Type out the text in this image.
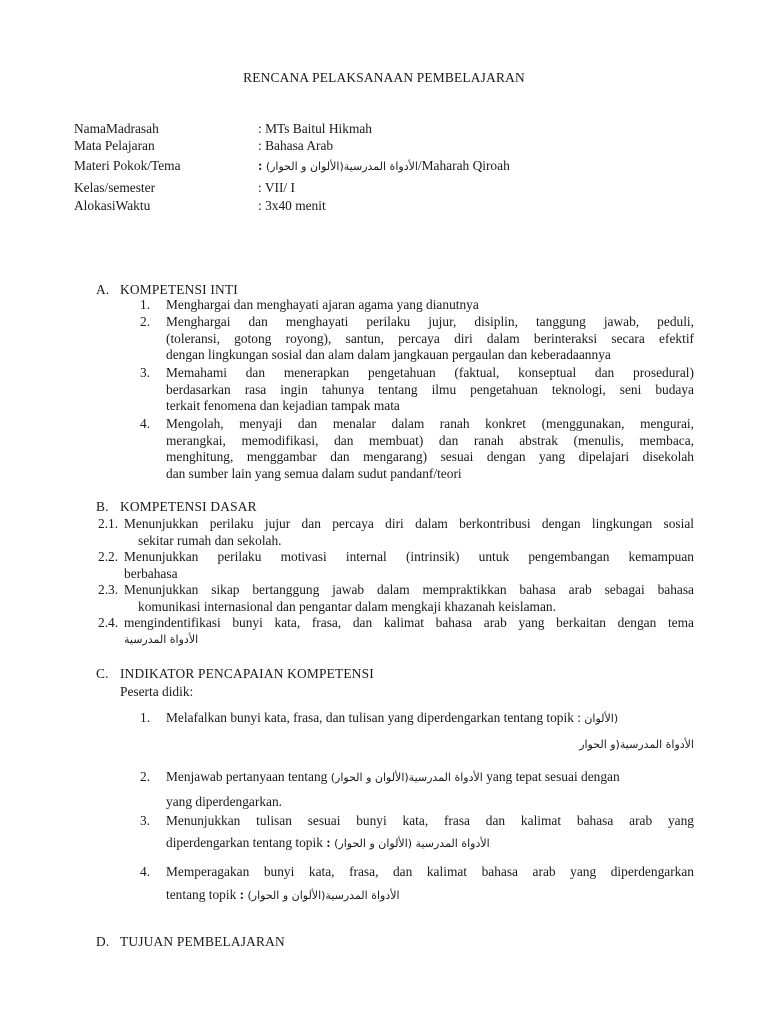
RENCANA PELAKSANAAN PEMBELAJARAN
NamaMadrasah	: MTs Baitul Hikmah
Mata Pelajaran	: Bahasa Arab
Materi Pokok/Tema	: الأدواة المدرسية(الألوان و الحوار)/Maharah Qiroah
Kelas/semester	: VII/ I
AlokasiWaktu	: 3x40 menit
A. KOMPETENSI INTI
1. Menghargai dan menghayati ajaran agama yang dianutnya
2. Menghargai dan menghayati perilaku jujur, disiplin, tanggung jawab, peduli,
(toleransi, gotong royong), santun, percaya diri dalam berinteraksi secara efektif
dengan lingkungan sosial dan alam dalam jangkauan pergaulan dan keberadaannya
3. Memahami dan menerapkan pengetahuan (faktual, konseptual dan prosedural)
berdasarkan rasa ingin tahunya tentang ilmu pengetahuan teknologi, seni budaya
terkait fenomena dan kejadian tampak mata
4. Mengolah, menyaji dan menalar dalam ranah konkret (menggunakan, mengurai,
merangkai, memodifikasi, dan membuat) dan ranah abstrak (menulis, membaca,
menghitung, menggambar dan mengarang) sesuai dengan yang dipelajari disekolah
dan sumber lain yang semua dalam sudut pandanf/teori
B. KOMPETENSI DASAR
2.1. Menunjukkan perilaku jujur dan percaya diri dalam berkontribusi dengan lingkungan sosial
sekitar rumah dan sekolah.
2.2. Menunjukkan perilaku motivasi internal (intrinsik) untuk pengembangan kemampuan
berbahasa
2.3. Menunjukkan sikap bertanggung jawab dalam mempraktikkan bahasa arab sebagai bahasa
komunikasi internasional dan pengantar dalam mengkaji khazanah keislaman.
2.4. mengindentifikasi bunyi kata, frasa, dan kalimat bahasa arab yang berkaitan dengan tema
الأدواة المدرسية
C. INDIKATOR PENCAPAIAN KOMPETENSI
Peserta didik:
1. Melafalkan bunyi kata, frasa, dan tulisan yang diperdengarkan tentang topik : (الألوان
الأدواة المدرسية(و الحوار
2. Menjawab pertanyaan tentang الأدواة المدرسية(الألوان و الحوار) yang tepat sesuai dengan
yang diperdengarkan.
3. Menunjukkan tulisan sesuai bunyi kata, frasa dan kalimat bahasa arab yang
diperdengarkan tentang topik : الأدواة المدرسية (الألوان و الحوار)
4. Memperagakan bunyi kata, frasa, dan kalimat bahasa arab yang diperdengarkan
tentang topik : الأدواة المدرسية(الألوان و الحوار)
D. TUJUAN PEMBELAJARAN
